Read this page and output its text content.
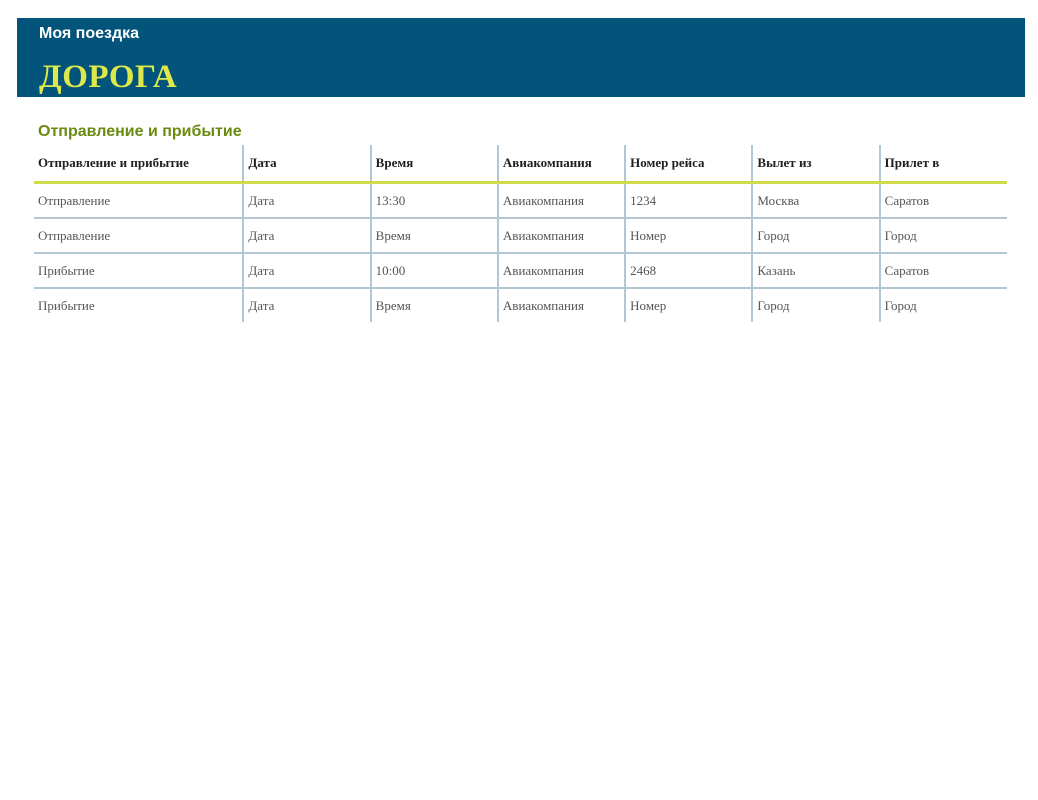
Моя поездка
ДОРОГА
Отправление и прибытие
Отправление и прибытие	Дата	Время	Авиакомпания	Номер рейса	Вылет из	Прилет в
Отправление	Дата	13:30	Авиакомпания	1234	Москва	Саратов
Отправление	Дата	Время	Авиакомпания	Номер	Город	Город
Прибытие	Дата	10:00	Авиакомпания	2468	Казань	Саратов
Прибытие	Дата	Время	Авиакомпания	Номер	Город	Город
